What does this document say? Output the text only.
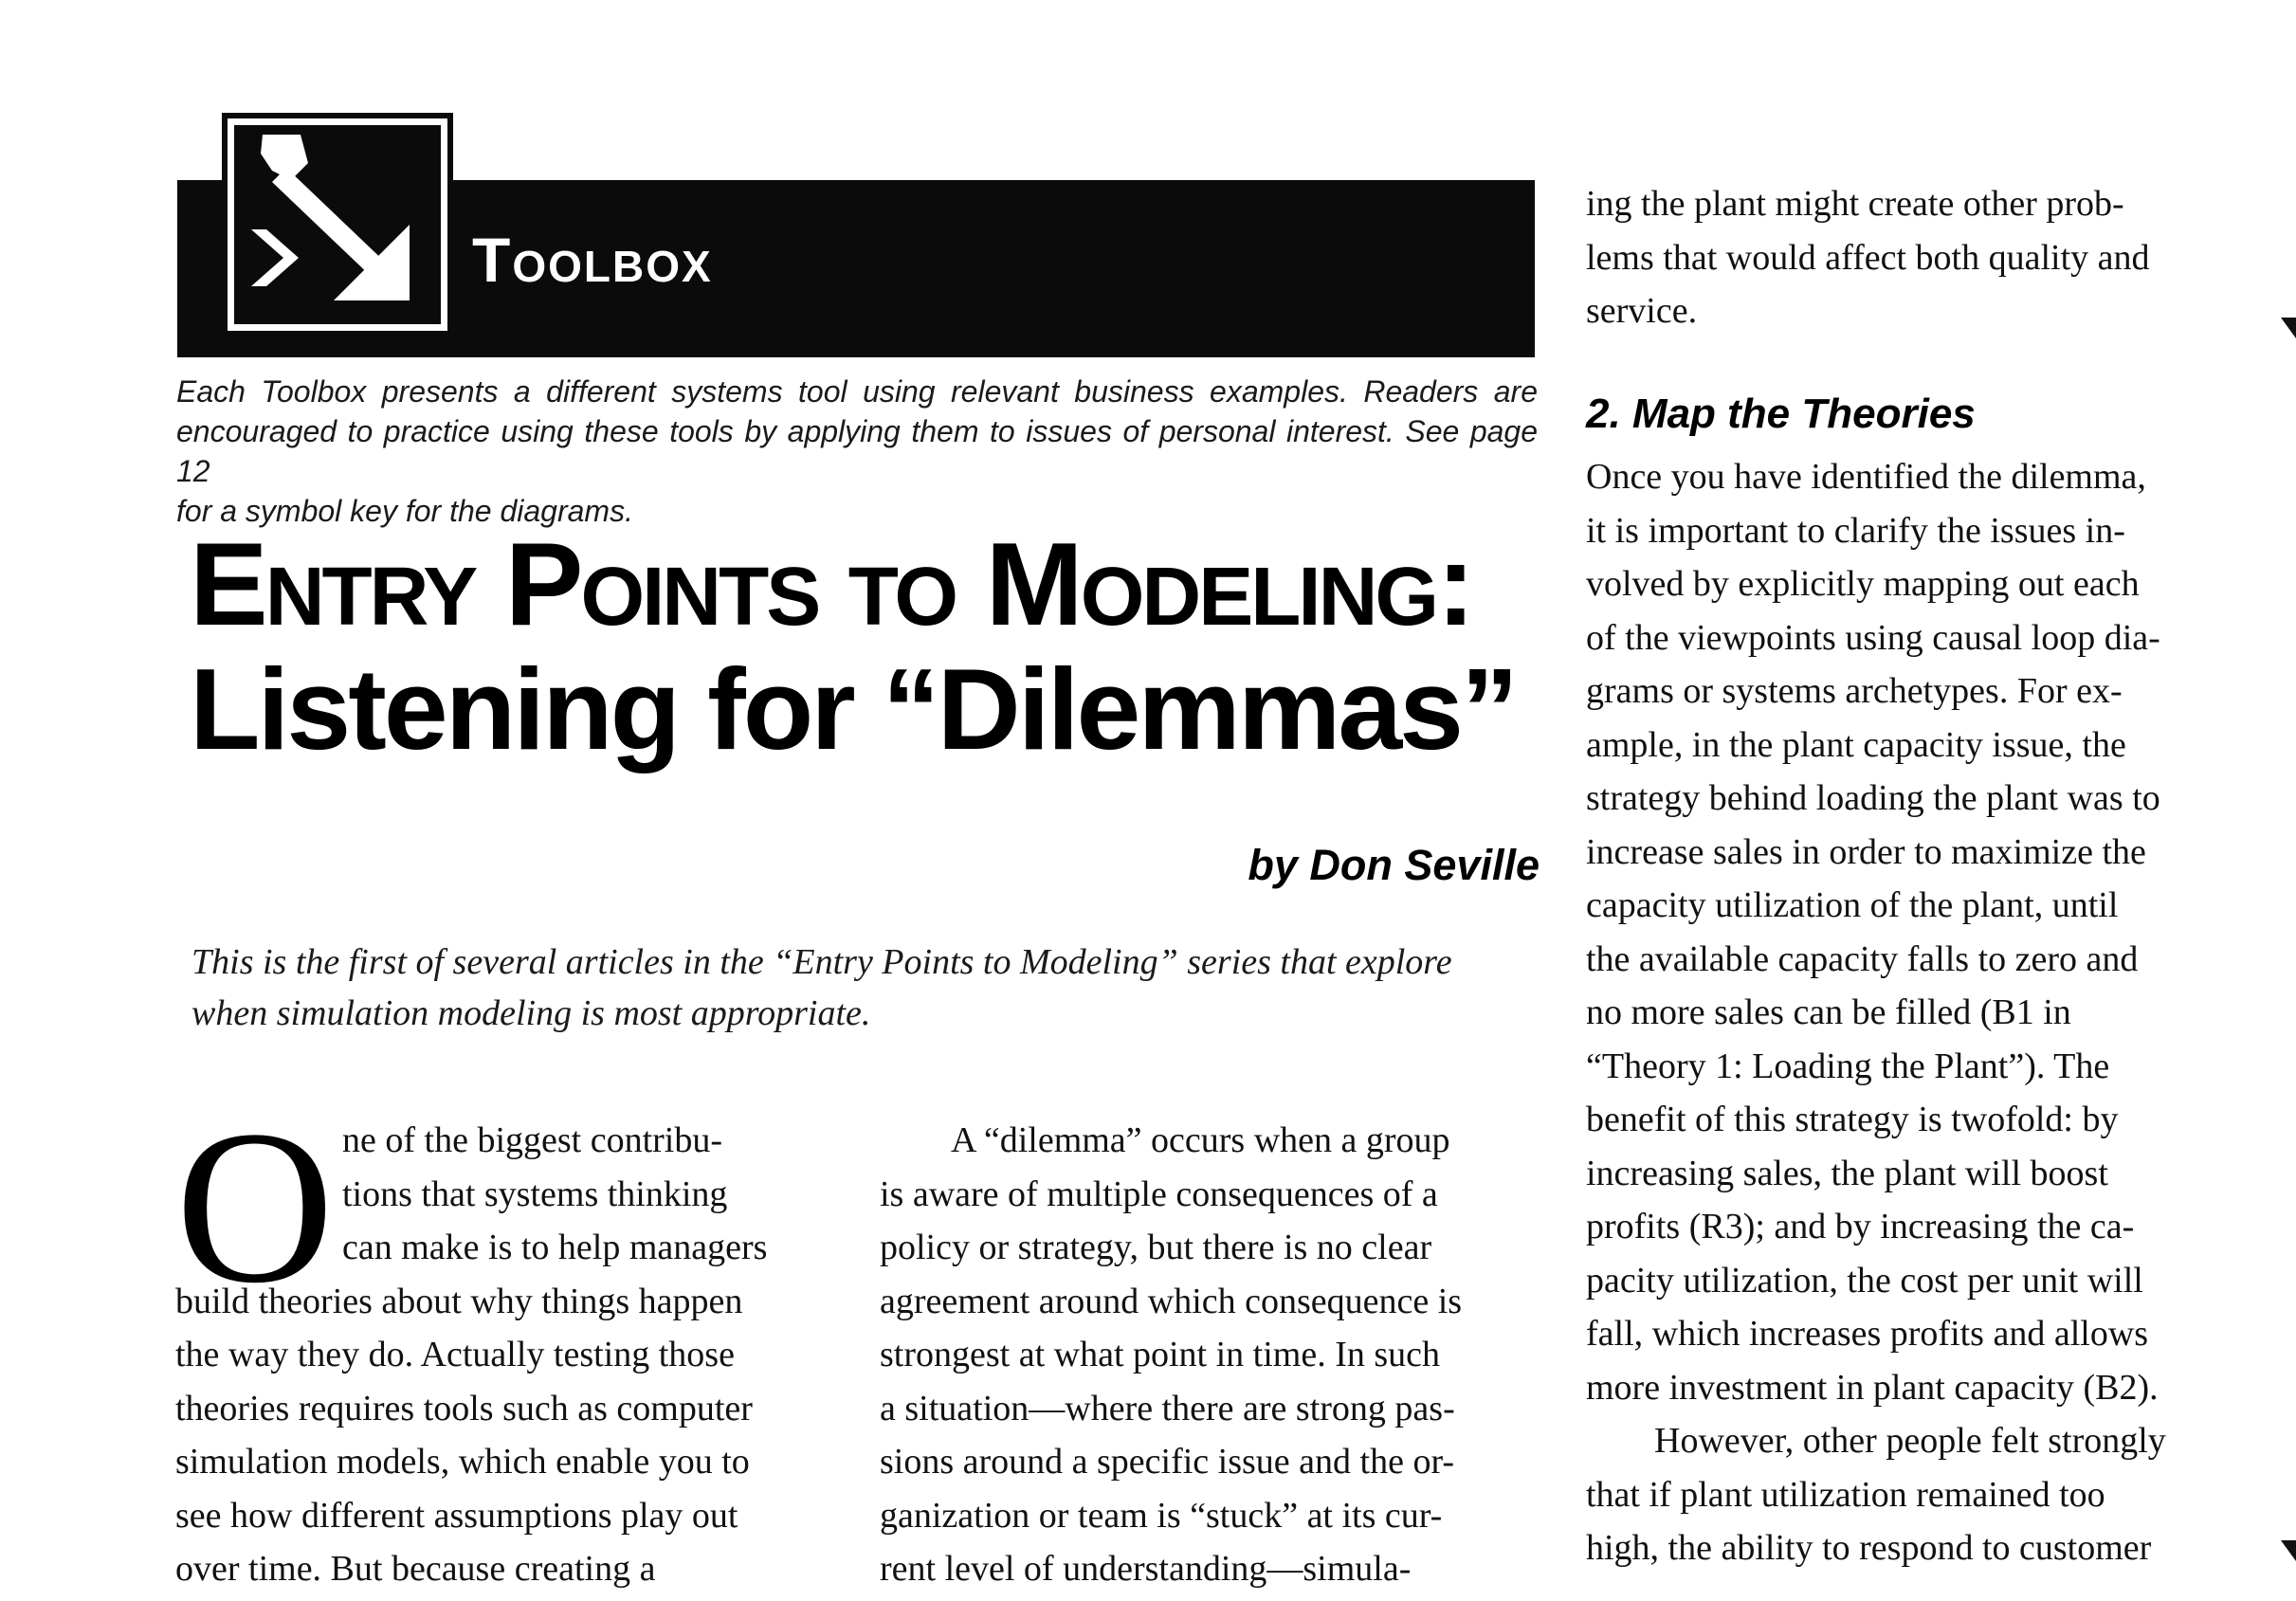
Toolbox

Each Toolbox presents a different systems tool using relevant business examples. Readers are

encouraged to practice using these tools by applying them to issues of personal interest. See page 12

for a symbol key for the diagrams.

Entry Points to Modeling:
Listening for “Dilemmas”
by Don Seville

This is the first of several articles in the “Entry Points to Modeling” series that explore

when simulation modeling is most appropriate.

O ne of the biggest contribu-
tions that systems thinking
can make is to help managers
build theories about why things happen
the way they do. Actually testing those
theories requires tools such as computer
simulation models, which enable you to
see how different assumptions play out
over time. But because creating a
A “dilemma” occurs when a group
is aware of multiple consequences of a
policy or strategy, but there is no clear
agreement around which consequence is
strongest at what point in time. In such
a situation—where there are strong pas-
sions around a specific issue and the or-
ganization or team is “stuck” at its cur-
rent level of understanding—simula-
ing the plant might create other prob-
lems that would affect both quality and
service.
2. Map the Theories
Once you have identified the dilemma,
it is important to clarify the issues in-
volved by explicitly mapping out each
of the viewpoints using causal loop dia-
grams or systems archetypes. For ex-
ample, in the plant capacity issue, the
strategy behind loading the plant was to
increase sales in order to maximize the
capacity utilization of the plant, until
the available capacity falls to zero and
no more sales can be filled (B1 in
“Theory 1: Loading the Plant”). The
benefit of this strategy is twofold: by
increasing sales, the plant will boost
profits (R3); and by increasing the ca-
pacity utilization, the cost per unit will
fall, which increases profits and allows
more investment in plant capacity (B2).
However, other people felt strongly
that if plant utilization remained too
high, the ability to respond to customer
